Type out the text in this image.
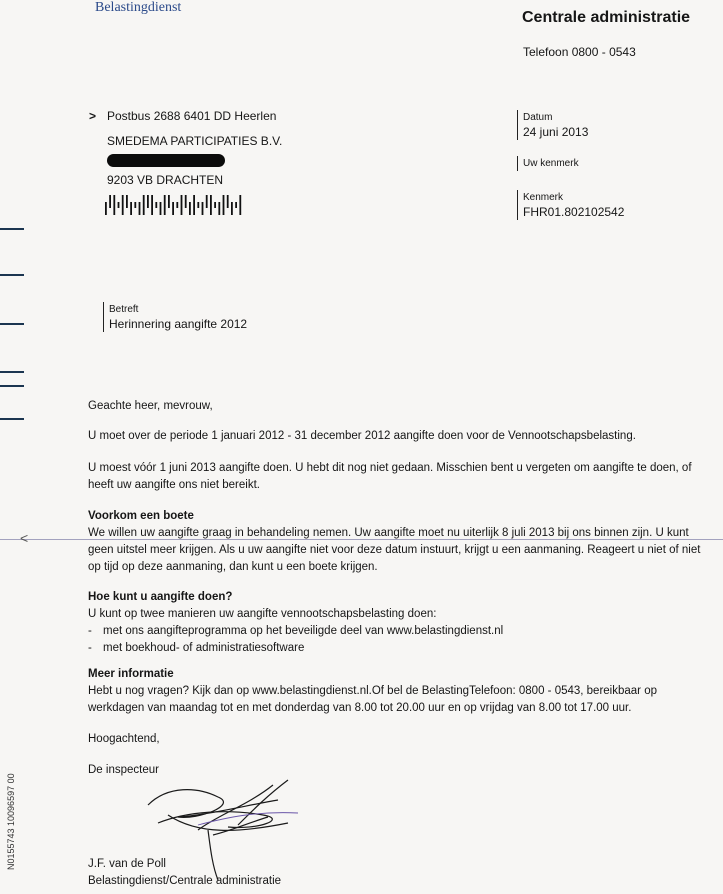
Belastingdienst
Centrale administratie
Telefoon 0800 - 0543
> Postbus 2688 6401 DD Heerlen
SMEDEMA PARTICIPATIES B.V.
9203 VB DRACHTEN
Datum
24 juni 2013
Uw kenmerk
Kenmerk
FHR01.802102542
Betreft
Herinnering aangifte 2012
Geachte heer, mevrouw,
U moet over de periode 1 januari 2012 - 31 december 2012 aangifte doen voor de Vennootschapsbelasting.
U moest vóór 1 juni 2013 aangifte doen. U hebt dit nog niet gedaan. Misschien bent u vergeten om aangifte te doen, of heeft uw aangifte ons niet bereikt.

Voorkom een boete

We willen uw aangifte graag in behandeling nemen. Uw aangifte moet nu uiterlijk 8 juli 2013 bij ons binnen zijn. U kunt geen uitstel meer krijgen. Als u uw aangifte niet voor deze datum instuurt, krijgt u een aanmaning. Reageert u niet of niet op tijd op deze aanmaning, dan kunt u een boete krijgen.

Hoe kunt u aangifte doen?

U kunt op twee manieren uw aangifte vennootschapsbelasting doen:

- met ons aangifteprogramma op het beveiligde deel van www.belastingdienst.nl
- met boekhoud- of administratiesoftware

Meer informatie

Hebt u nog vragen? Kijk dan op www.belastingdienst.nl.Of bel de BelastingTelefoon: 0800 - 0543, bereikbaar op werkdagen van maandag tot en met donderdag van 8.00 tot 20.00 uur en op vrijdag van 8.00 tot 17.00 uur.

Hoogachtend,
De inspecteur
J.F. van de Poll
Belastingdienst/Centrale administratie
<
N0155743 10096597 00
